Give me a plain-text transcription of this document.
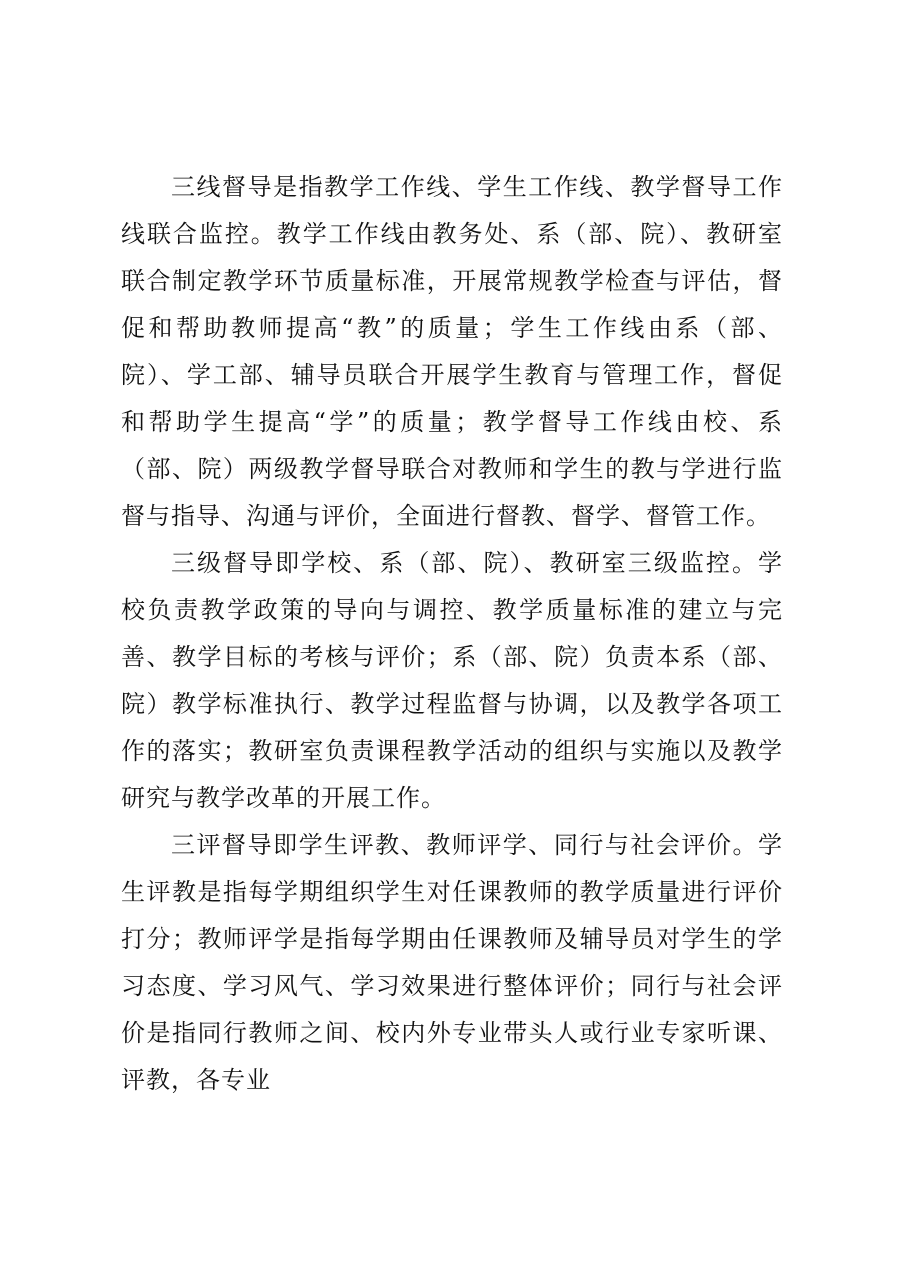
三线督导是指教学工作线、学生工作线、教学督导工作线联合监控。教学工作线由教务处、系（部、院）、教研室联合制定教学环节质量标准，开展常规教学检查与评估，督促和帮助教师提高“教”的质量；学生工作线由系（部、院）、学工部、辅导员联合开展学生教育与管理工作，督促和帮助学生提高“学”的质量；教学督导工作线由校、系（部、院）两级教学督导联合对教师和学生的教与学进行监督与指导、沟通与评价，全面进行督教、督学、督管工作。

三级督导即学校、系（部、院）、教研室三级监控。学校负责教学政策的导向与调控、教学质量标准的建立与完善、教学目标的考核与评价；系（部、院）负责本系（部、院）教学标准执行、教学过程监督与协调，以及教学各项工作的落实；教研室负责课程教学活动的组织与实施以及教学研究与教学改革的开展工作。

三评督导即学生评教、教师评学、同行与社会评价。学生评教是指每学期组织学生对任课教师的教学质量进行评价打分；教师评学是指每学期由任课教师及辅导员对学生的学习态度、学习风气、学习效果进行整体评价；同行与社会评价是指同行教师之间、校内外专业带头人或行业专家听课、评教，各专业
